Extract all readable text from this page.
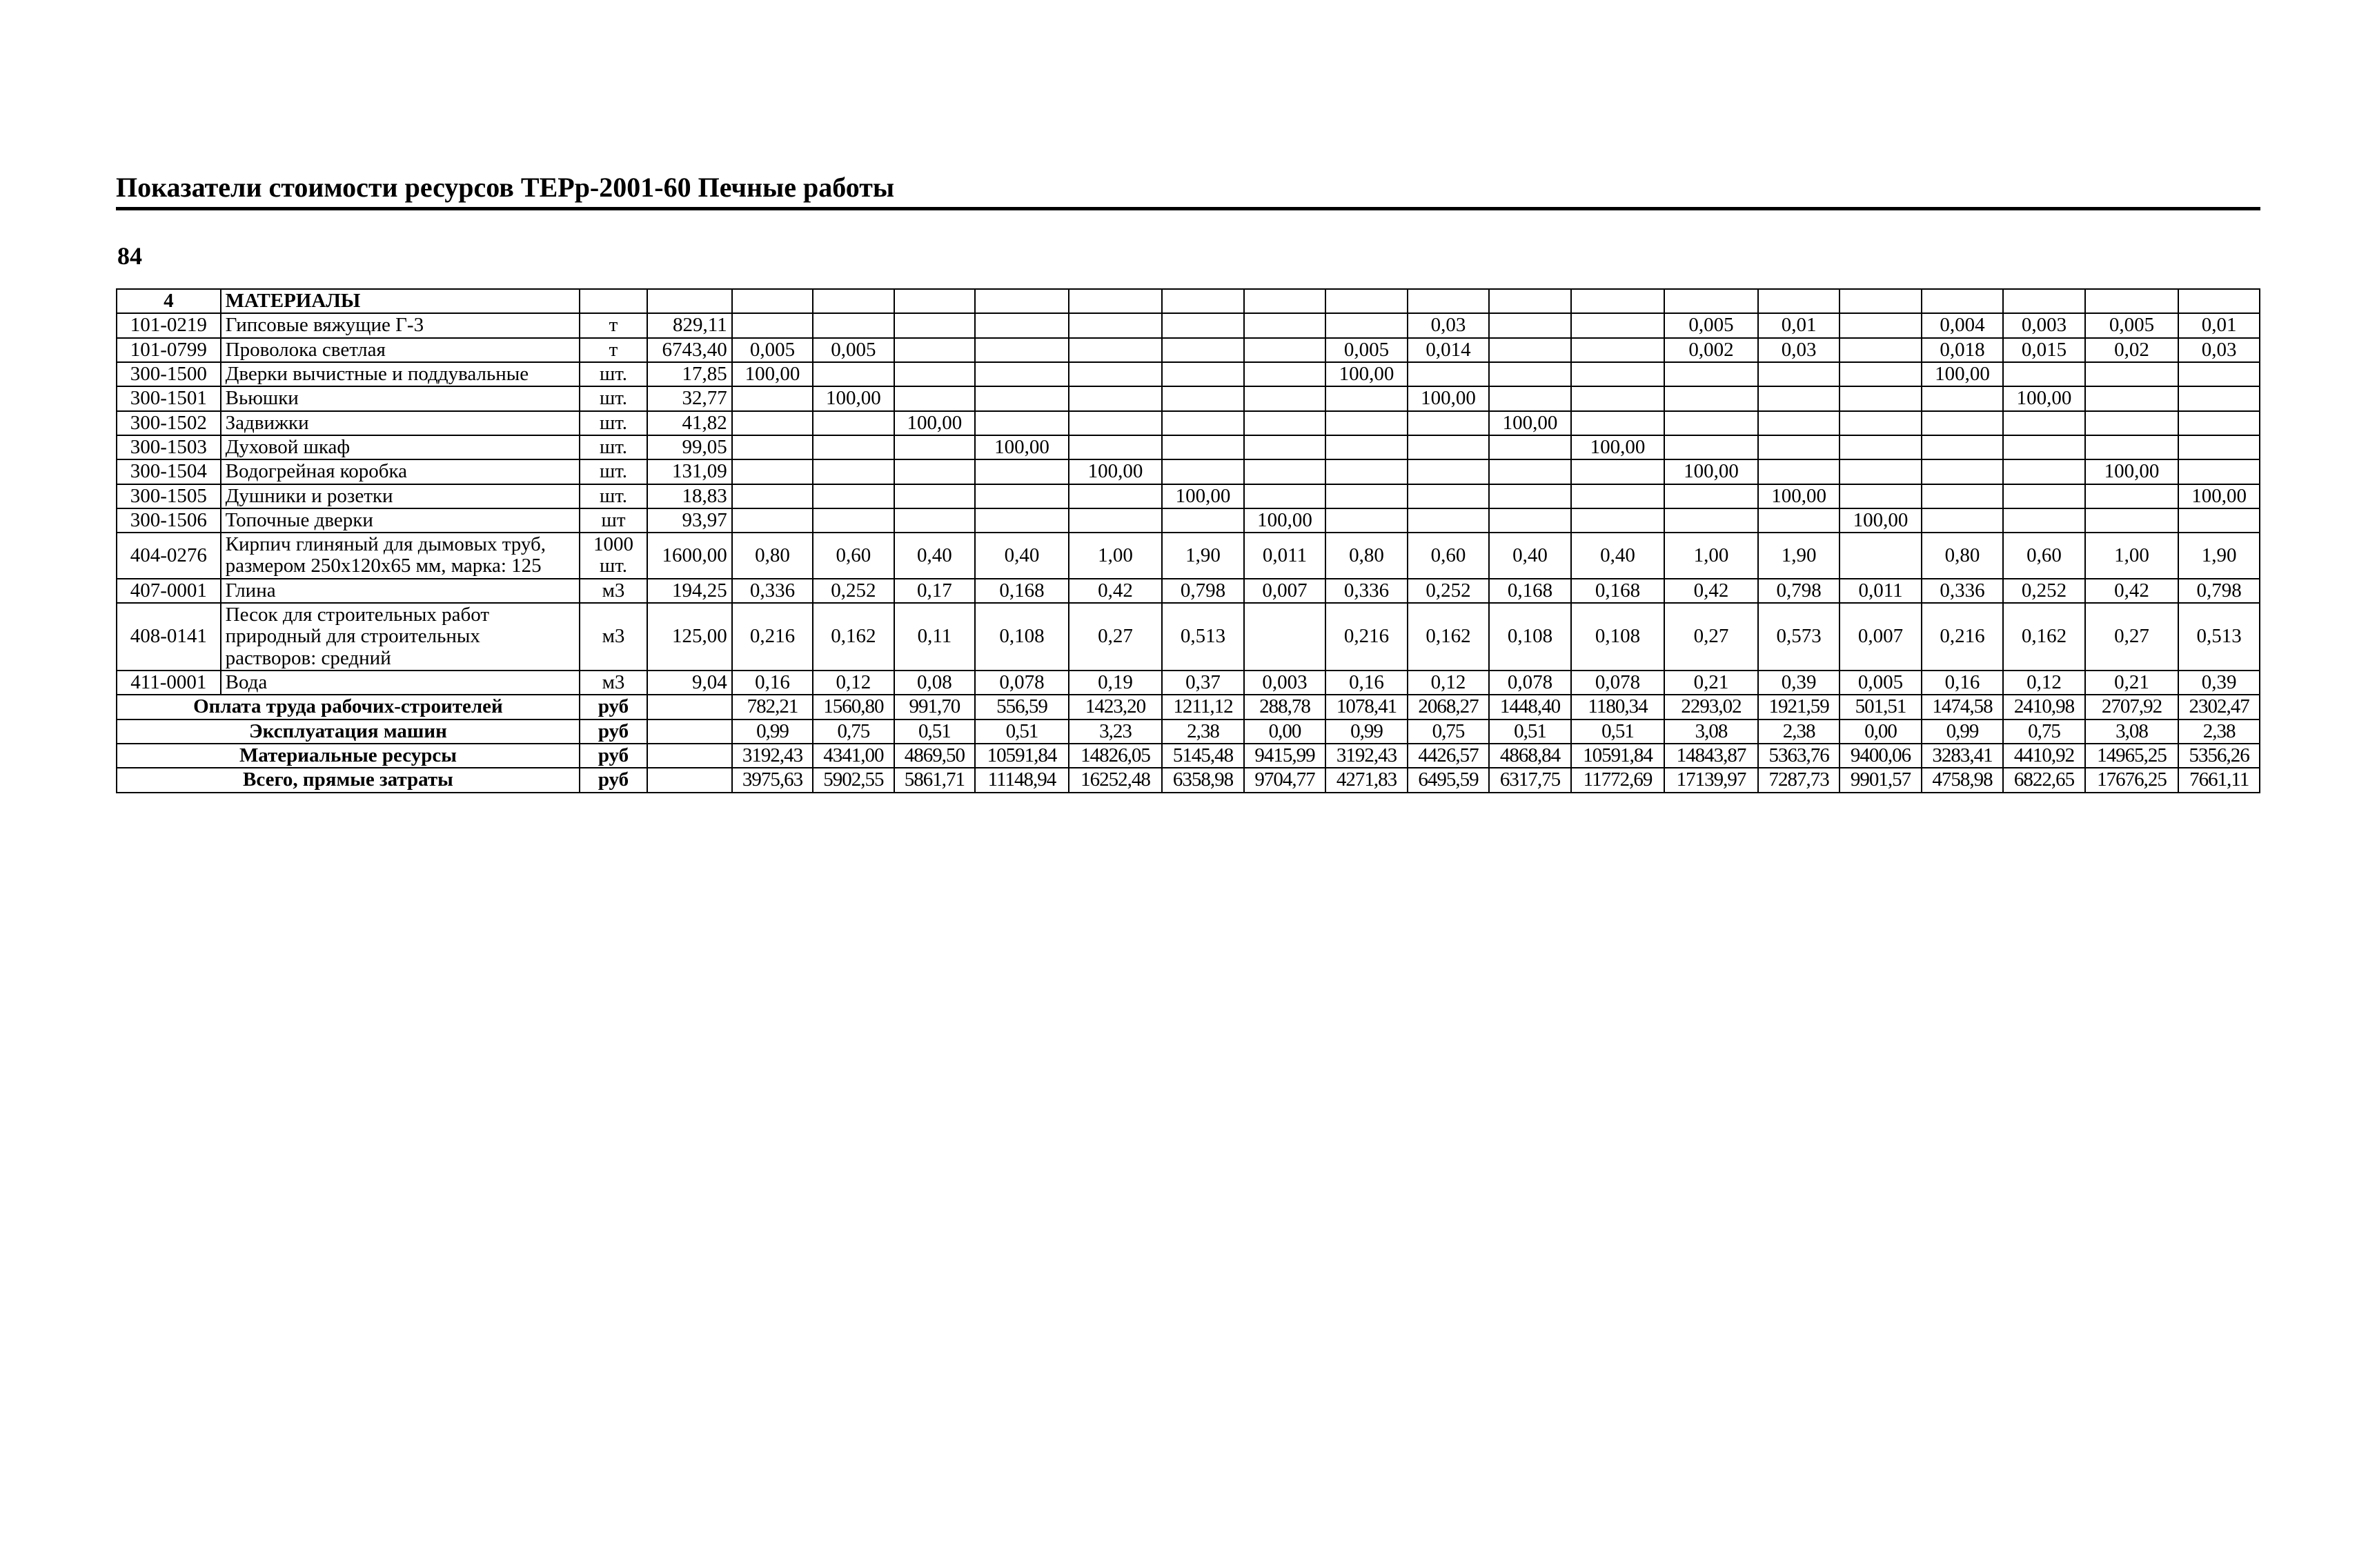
Показатели стоимости ресурсов ТЕРр-2001-60 Печные работы
84
4	МАТЕРИАЛЫ																				
101-0219	Гипсовые вяжущие Г-3	т	829,11									0,03			0,005	0,01		0,004	0,003	0,005	0,01
101-0799	Проволока светлая	т	6743,40	0,005	0,005						0,005	0,014			0,002	0,03		0,018	0,015	0,02	0,03
300-1500	Дверки вычистные и поддувальные	шт.	17,85	100,00							100,00							100,00			
300-1501	Вьюшки	шт.	32,77		100,00							100,00							100,00		
300-1502	Задвижки	шт.	41,82			100,00							100,00								
300-1503	Духовой шкаф	шт.	99,05				100,00							100,00							
300-1504	Водогрейная коробка	шт.	131,09					100,00							100,00					100,00	
300-1505	Душники и розетки	шт.	18,83						100,00							100,00					100,00
300-1506	Топочные дверки	шт	93,97							100,00							100,00				
404-0276	Кирпич глиняный для дымовых труб, размером 250x120x65 мм, марка: 125	1000 шт.	1600,00	0,80	0,60	0,40	0,40	1,00	1,90	0,011	0,80	0,60	0,40	0,40	1,00	1,90		0,80	0,60	1,00	1,90
407-0001	Глина	м3	194,25	0,336	0,252	0,17	0,168	0,42	0,798	0,007	0,336	0,252	0,168	0,168	0,42	0,798	0,011	0,336	0,252	0,42	0,798
408-0141	Песок для строительных работ природный для строительных растворов: средний	м3	125,00	0,216	0,162	0,11	0,108	0,27	0,513		0,216	0,162	0,108	0,108	0,27	0,573	0,007	0,216	0,162	0,27	0,513
411-0001	Вода	м3	9,04	0,16	0,12	0,08	0,078	0,19	0,37	0,003	0,16	0,12	0,078	0,078	0,21	0,39	0,005	0,16	0,12	0,21	0,39
Оплата труда рабочих-строителей		руб		782,21	1560,80	991,70	556,59	1423,20	1211,12	288,78	1078,41	2068,27	1448,40	1180,34	2293,02	1921,59	501,51	1474,58	2410,98	2707,92	2302,47
Эксплуатация машин		руб		0,99	0,75	0,51	0,51	3,23	2,38	0,00	0,99	0,75	0,51	0,51	3,08	2,38	0,00	0,99	0,75	3,08	2,38
Материальные ресурсы		руб		3192,43	4341,00	4869,50	10591,84	14826,05	5145,48	9415,99	3192,43	4426,57	4868,84	10591,84	14843,87	5363,76	9400,06	3283,41	4410,92	14965,25	5356,26
Всего, прямые затраты		руб		3975,63	5902,55	5861,71	11148,94	16252,48	6358,98	9704,77	4271,83	6495,59	6317,75	11772,69	17139,97	7287,73	9901,57	4758,98	6822,65	17676,25	7661,11
